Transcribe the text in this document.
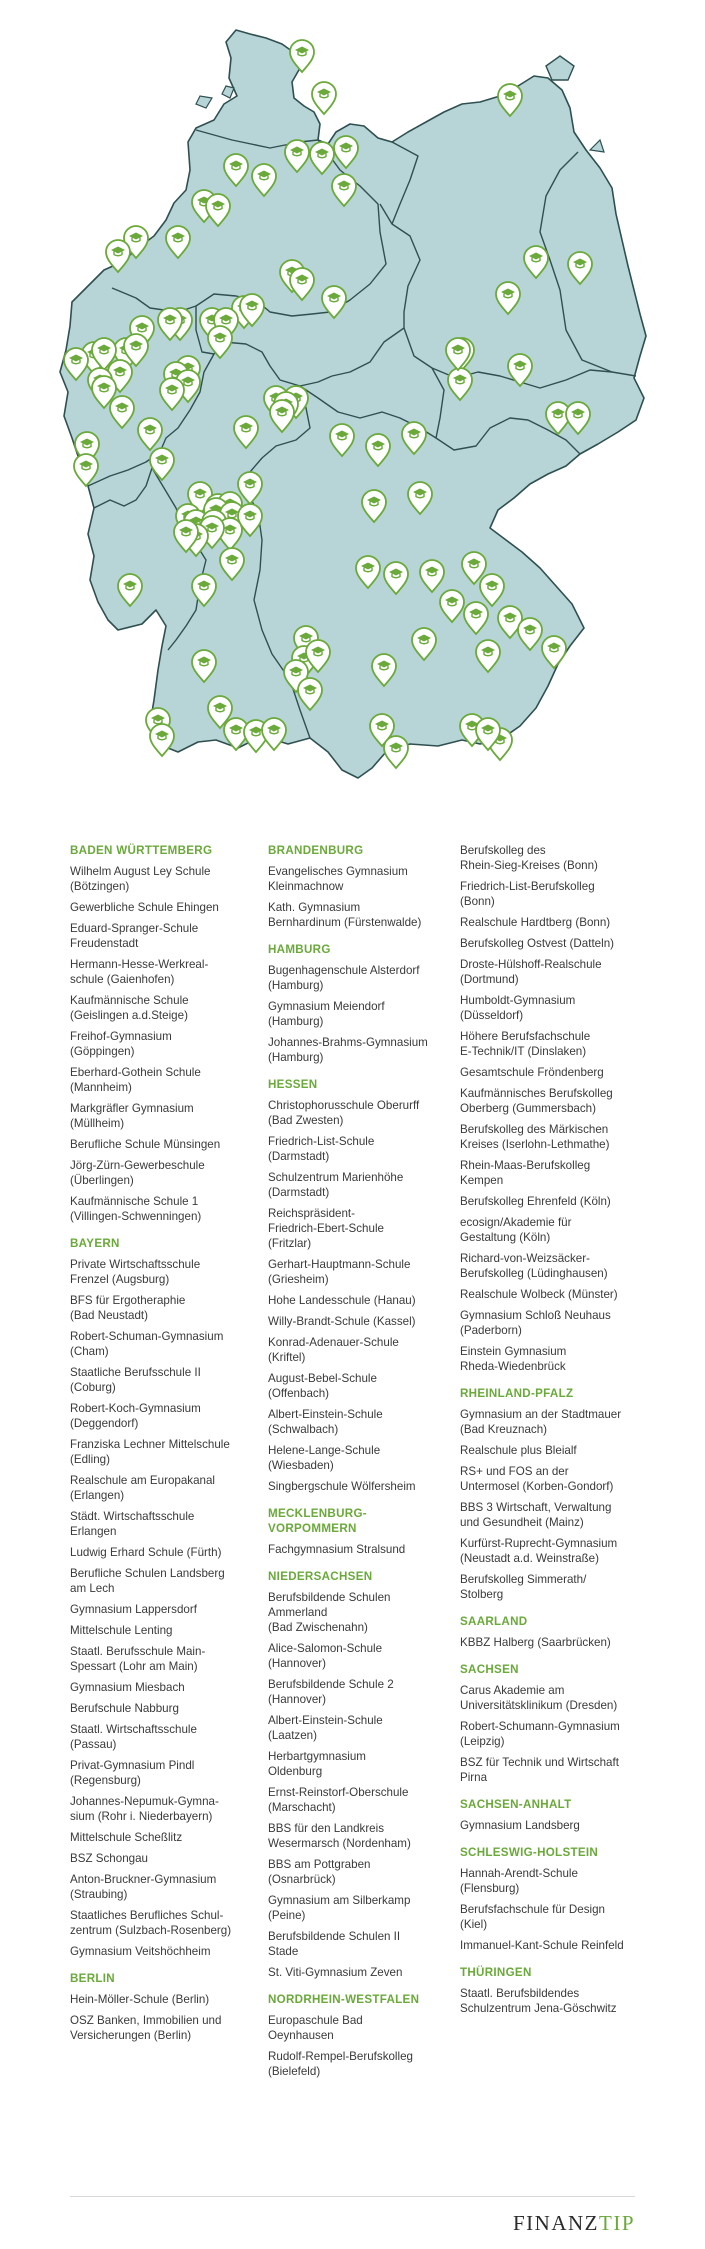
BADEN WÜRTTEMBERG
Wilhelm August Ley Schule
(Bötzingen)
Gewerbliche Schule Ehingen
Eduard-Spranger-Schule
Freudenstadt
Hermann-Hesse-Werkreal-
schule (Gaienhofen)
Kaufmännische Schule
(Geislingen a.d.Steige)
Freihof-Gymnasium
(Göppingen)
Eberhard-Gothein Schule
(Mannheim)
Markgräfler Gymnasium
(Müllheim)
Berufliche Schule Münsingen
Jörg-Zürn-Gewerbeschule
(Überlingen)
Kaufmännische Schule 1
(Villingen-Schwenningen)
BAYERN
Private Wirtschaftsschule
Frenzel (Augsburg)
BFS für Ergotheraphie
(Bad Neustadt)
Robert-Schuman-Gymnasium
(Cham)
Staatliche Berufsschule II
(Coburg)
Robert-Koch-Gymnasium
(Deggendorf)
Franziska Lechner Mittelschule
(Edling)
Realschule am Europakanal
(Erlangen)
Städt. Wirtschaftsschule
Erlangen
Ludwig Erhard Schule (Fürth)
Berufliche Schulen Landsberg
am Lech
Gymnasium Lappersdorf
Mittelschule Lenting
Staatl. Berufsschule Main-
Spessart (Lohr am Main)
Gymnasium Miesbach
Berufschule Nabburg
Staatl. Wirtschaftsschule
(Passau)
Privat-Gymnasium Pindl
(Regensburg)
Johannes-Nepumuk-Gymna-
sium (Rohr i. Niederbayern)
Mittelschule Scheßlitz
BSZ Schongau
Anton-Bruckner-Gymnasium
(Straubing)
Staatliches Berufliches Schul-
zentrum (Sulzbach-Rosenberg)
Gymnasium Veitshöchheim
BERLIN
Hein-Möller-Schule (Berlin)
OSZ Banken, Immobilien und
Versicherungen (Berlin)
BRANDENBURG
Evangelisches Gymnasium
Kleinmachnow
Kath. Gymnasium
Bernhardinum (Fürstenwalde)
HAMBURG
Bugenhagenschule Alsterdorf
(Hamburg)
Gymnasium Meiendorf
(Hamburg)
Johannes-Brahms-Gymnasium
(Hamburg)
HESSEN
Christophorusschule Oberurff
(Bad Zwesten)
Friedrich-List-Schule
(Darmstadt)
Schulzentrum Marienhöhe
(Darmstadt)
Reichspräsident-
Friedrich-Ebert-Schule
(Fritzlar)
Gerhart-Hauptmann-Schule
(Griesheim)
Hohe Landesschule (Hanau)
Willy-Brandt-Schule (Kassel)
Konrad-Adenauer-Schule
(Kriftel)
August-Bebel-Schule
(Offenbach)
Albert-Einstein-Schule
(Schwalbach)
Helene-Lange-Schule
(Wiesbaden)
Singbergschule Wölfersheim
MECKLENBURG-
VORPOMMERN
Fachgymnasium Stralsund
NIEDERSACHSEN
Berufsbildende Schulen
Ammerland
(Bad Zwischenahn)
Alice-Salomon-Schule
(Hannover)
Berufsbildende Schule 2
(Hannover)
Albert-Einstein-Schule
(Laatzen)
Herbartgymnasium
Oldenburg
Ernst-Reinstorf-Oberschule
(Marschacht)
BBS für den Landkreis
Wesermarsch (Nordenham)
BBS am Pottgraben
(Osnarbrück)
Gymnasium am Silberkamp
(Peine)
Berufsbildende Schulen II
Stade
St. Viti-Gymnasium Zeven
NORDRHEIN-WESTFALEN
Europaschule Bad
Oeynhausen
Rudolf-Rempel-Berufskolleg
(Bielefeld)
Berufskolleg des
Rhein-Sieg-Kreises (Bonn)
Friedrich-List-Berufskolleg
(Bonn)
Realschule Hardtberg (Bonn)
Berufskolleg Ostvest (Datteln)
Droste-Hülshoff-Realschule
(Dortmund)
Humboldt-Gymnasium
(Düsseldorf)
Höhere Berufsfachschule
E-Technik/IT (Dinslaken)
Gesamtschule Fröndenberg
Kaufmännisches Berufskolleg
Oberberg (Gummersbach)
Berufskolleg des Märkischen
Kreises (Iserlohn-Lethmathe)
Rhein-Maas-Berufskolleg
Kempen
Berufskolleg Ehrenfeld (Köln)
ecosign/Akademie für
Gestaltung (Köln)
Richard-von-Weizsäcker-
Berufskolleg (Lüdinghausen)
Realschule Wolbeck (Münster)
Gymnasium Schloß Neuhaus
(Paderborn)
Einstein Gymnasium
Rheda-Wiedenbrück
RHEINLAND-PFALZ
Gymnasium an der Stadtmauer
(Bad Kreuznach)
Realschule plus Bleialf
RS+ und FOS an der
Untermosel (Korben-Gondorf)
BBS 3 Wirtschaft, Verwaltung
und Gesundheit (Mainz)
Kurfürst-Ruprecht-Gymnasium
(Neustadt a.d. Weinstraße)
Berufskolleg Simmerath/
Stolberg
SAARLAND
KBBZ Halberg (Saarbrücken)
SACHSEN
Carus Akademie am
Universitätsklinikum (Dresden)
Robert-Schumann-Gymnasium
(Leipzig)
BSZ für Technik und Wirtschaft
Pirna
SACHSEN-ANHALT
Gymnasium Landsberg
SCHLESWIG-HOLSTEIN
Hannah-Arendt-Schule
(Flensburg)
Berufsfachschule für Design
(Kiel)
Immanuel-Kant-Schule Reinfeld
THÜRINGEN
Staatl. Berufsbildendes
Schulzentrum Jena-Göschwitz
FINANZTIP
